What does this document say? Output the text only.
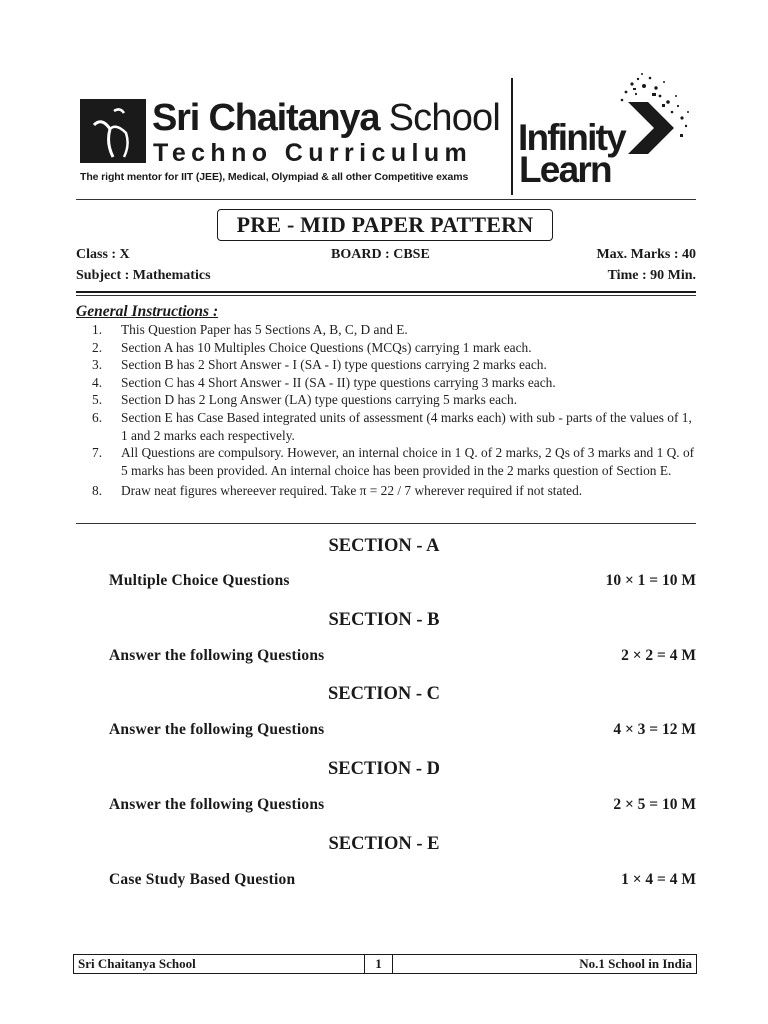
Sri Chaitanya School
Techno Curriculum
The right mentor for IIT (JEE), Medical, Olympiad & all other Competitive exams
Infinity
Learn
PRE - MID PAPER PATTERN
Class : X	BOARD : CBSE	Max. Marks : 40
Subject : Mathematics	Time : 90 Min.
General Instructions :
1.	This Question Paper has 5 Sections A, B, C, D and E.
2.	Section A has 10 Multiples Choice Questions (MCQs) carrying 1 mark each.
3.	Section B has 2 Short Answer - I (SA - I) type questions carrying 2 marks each.
4.	Section C has 4 Short Answer - II (SA - II) type questions carrying 3 marks each.
5.	Section D has 2 Long Answer (LA) type questions carrying 5 marks each.
6.	Section E has Case Based integrated units of assessment (4 marks each) with sub - parts of the values of 1, 1 and 2 marks each respectively.
7.	All Questions are compulsory. However, an internal choice in 1 Q. of 2 marks, 2 Qs of 3 marks and 1 Q. of 5 marks has been provided. An internal choice has been provided in the 2 marks question of Section E.
8.	Draw neat figures whereever required. Take π = 22 / 7 wherever required if not stated.
SECTION - A
Multiple Choice Questions	10 × 1 = 10 M
SECTION - B
Answer the following Questions	2 × 2 = 4 M
SECTION - C
Answer the following Questions	4 × 3 = 12 M
SECTION - D
Answer the following Questions	2 × 5 = 10 M
SECTION - E
Case Study Based Question	1 × 4 = 4 M
Sri Chaitanya School	1	No.1 School in India
